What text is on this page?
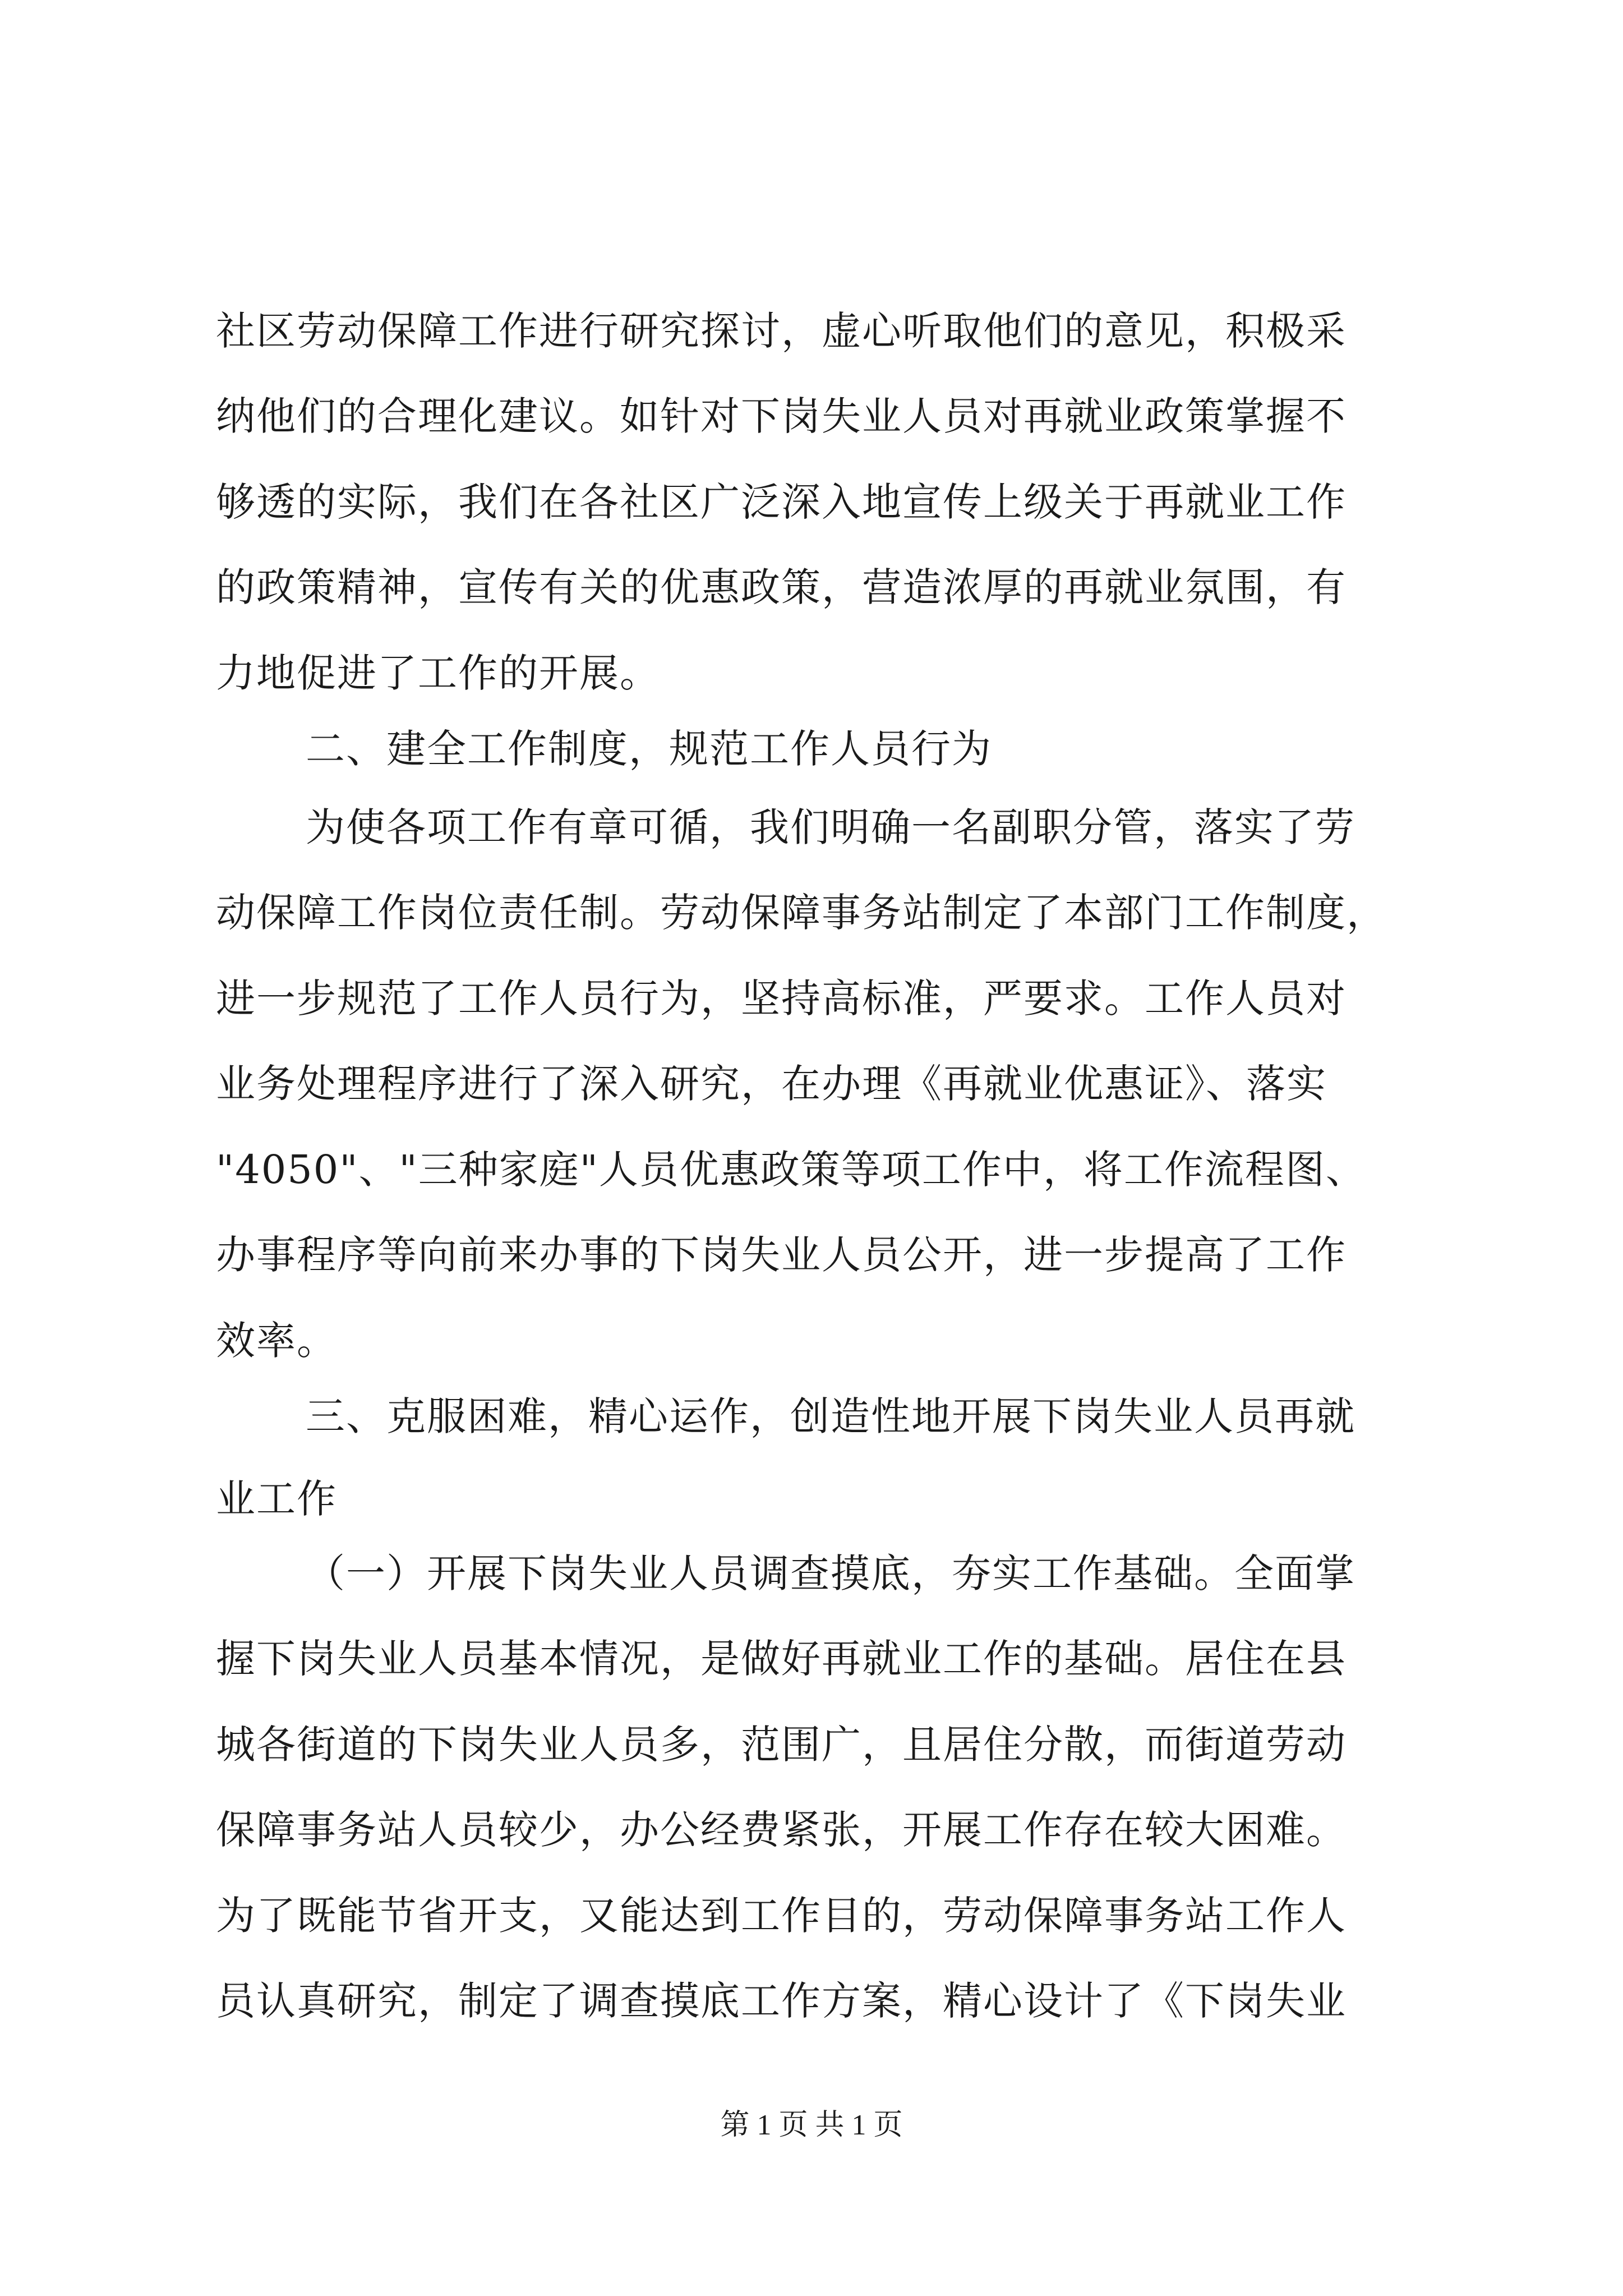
社区劳动保障工作进行研究探讨，虚心听取他们的意见，积极采
纳他们的合理化建议。如针对下岗失业人员对再就业政策掌握不
够透的实际，我们在各社区广泛深入地宣传上级关于再就业工作
的政策精神，宣传有关的优惠政策，营造浓厚的再就业氛围，有
力地促进了工作的开展。
二、建全工作制度，规范工作人员行为
为使各项工作有章可循，我们明确一名副职分管，落实了劳
动保障工作岗位责任制。劳动保障事务站制定了本部门工作制度，
进一步规范了工作人员行为，坚持高标准，严要求。工作人员对
业务处理程序进行了深入研究，在办理《再就业优惠证》、落实
"4050"、"三种家庭"人员优惠政策等项工作中，将工作流程图、
办事程序等向前来办事的下岗失业人员公开，进一步提高了工作
效率。
三、克服困难，精心运作，创造性地开展下岗失业人员再就
业工作
（一）开展下岗失业人员调查摸底，夯实工作基础。全面掌
握下岗失业人员基本情况，是做好再就业工作的基础。居住在县
城各街道的下岗失业人员多，范围广，且居住分散，而街道劳动
保障事务站人员较少，办公经费紧张，开展工作存在较大困难。
为了既能节省开支，又能达到工作目的，劳动保障事务站工作人
员认真研究，制定了调查摸底工作方案，精心设计了《下岗失业
第 1 页 共 1 页
